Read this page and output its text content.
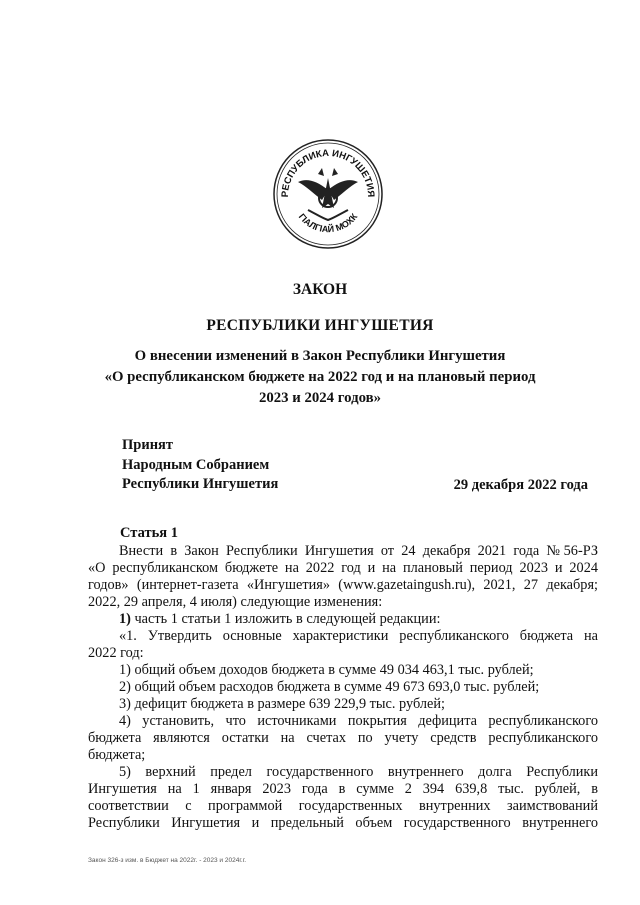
РЕСПУБЛИКА ИНГУШЕТИЯ
ГIАЛГIАЙ МОХК
ЗАКОН
РЕСПУБЛИКИ ИНГУШЕТИЯ
О внесении изменений в Закон Республики Ингушетия
«О республиканском бюджете на 2022 год и на плановый период
2023 и 2024 годов»
Принят
Народным Собранием
Республики Ингушетия	29 декабря 2022 года
Статья 1

Внести в Закон Республики Ингушетия от 24 декабря 2021 года №56-РЗ

«О республиканском бюджете на 2022 год и на плановый период 2023 и 2024

годов» (интернет-газета «Ингушетия» (www.gazetaingush.ru), 2021, 27 декабря;

2022, 29 апреля, 4 июля) следующие изменения:

1) часть 1 статьи 1 изложить в следующей редакции:

«1. Утвердить основные характеристики республиканского бюджета на

2022 год:

1) общий объем доходов бюджета в сумме 49 034 463,1 тыс. рублей;

2) общий объем расходов бюджета в сумме 49 673 693,0 тыс. рублей;

3) дефицит бюджета в размере 639 229,9 тыс. рублей;

4) установить, что источниками покрытия дефицита республиканского

бюджета являются остатки на счетах по учету средств республиканского

бюджета;

5) верхний предел государственного внутреннего долга Республики

Ингушетия на 1 января 2023 года в сумме 2 394 639,8 тыс. рублей, в

соответствии с программой государственных внутренних заимствований

Республики Ингушетия и предельный объем государственного внутреннего

Закон 326-з изм. в Бюджет на 2022г. - 2023 и 2024г.г.
